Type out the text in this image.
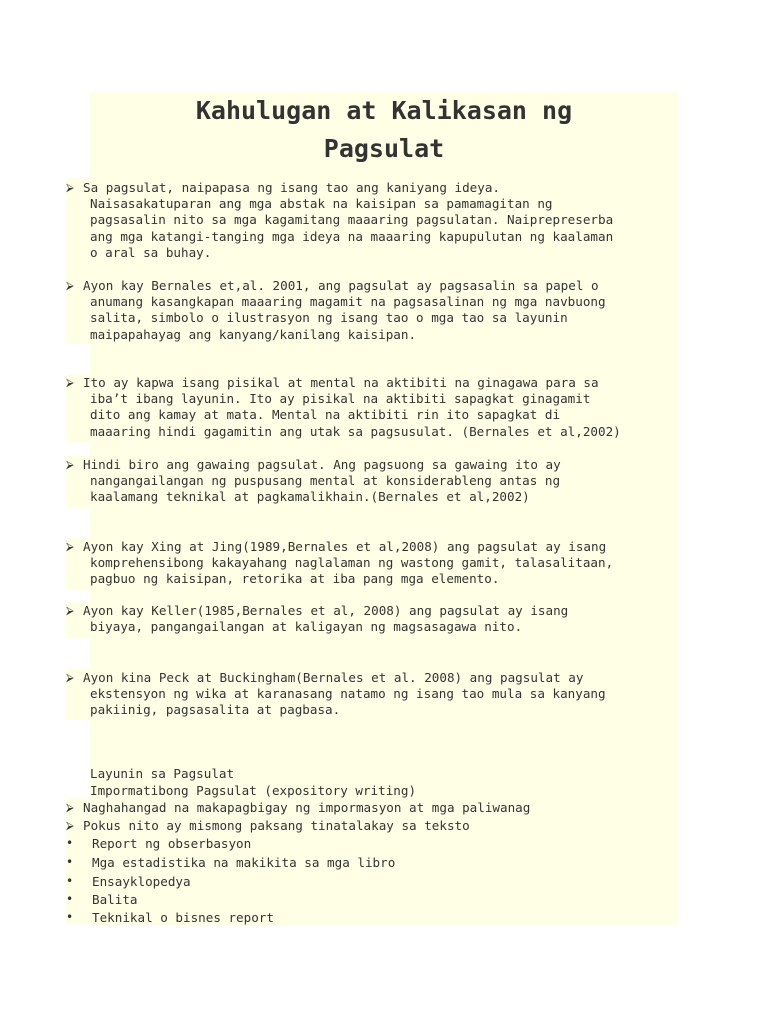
Kahulugan at Kalikasan ng
Pagsulat
⮚ Sa pagsulat, naipapasa ng isang tao ang kaniyang ideya.
Naisasakatuparan ang mga abstak na kaisipan sa pamamagitan ng
pagsasalin nito sa mga kagamitang maaaring pagsulatan. Naiprepreserba
ang mga katangi-tanging mga ideya na maaaring kapupulutan ng kaalaman
o aral sa buhay.
⮚ Ayon kay Bernales et,al. 2001, ang pagsulat ay pagsasalin sa papel o
anumang kasangkapan maaaring magamit na pagsasalinan ng mga navbuong
salita, simbolo o ilustrasyon ng isang tao o mga tao sa layunin
maipapahayag ang kanyang/kanilang kaisipan.
⮚ Ito ay kapwa isang pisikal at mental na aktibiti na ginagawa para sa
iba’t ibang layunin. Ito ay pisikal na aktibiti sapagkat ginagamit
dito ang kamay at mata. Mental na aktibiti rin ito sapagkat di
maaaring hindi gagamitin ang utak sa pagsusulat. (Bernales et al,2002)
⮚ Hindi biro ang gawaing pagsulat. Ang pagsuong sa gawaing ito ay
nangangailangan ng puspusang mental at konsiderableng antas ng
kaalamang teknikal at pagkamalikhain.(Bernales et al,2002)
⮚ Ayon kay Xing at Jing(1989,Bernales et al,2008) ang pagsulat ay isang
komprehensibong kakayahang naglalaman ng wastong gamit, talasalitaan,
pagbuo ng kaisipan, retorika at iba pang mga elemento.
⮚ Ayon kay Keller(1985,Bernales et al, 2008) ang pagsulat ay isang
biyaya, pangangailangan at kaligayan ng magsasagawa nito.
⮚ Ayon kina Peck at Buckingham(Bernales et al. 2008) ang pagsulat ay
ekstensyon ng wika at karanasang natamo ng isang tao mula sa kanyang
pakiinig, pagsasalita at pagbasa.
Layunin sa Pagsulat
Impormatibong Pagsulat (expository writing)
⮚ Naghahangad na makapagbigay ng impormasyon at mga paliwanag
⮚ Pokus nito ay mismong paksang tinatalakay sa teksto
• Report ng obserbasyon
• Mga estadistika na makikita sa mga libro
• Ensayklopedya
• Balita
• Teknikal o bisnes report
